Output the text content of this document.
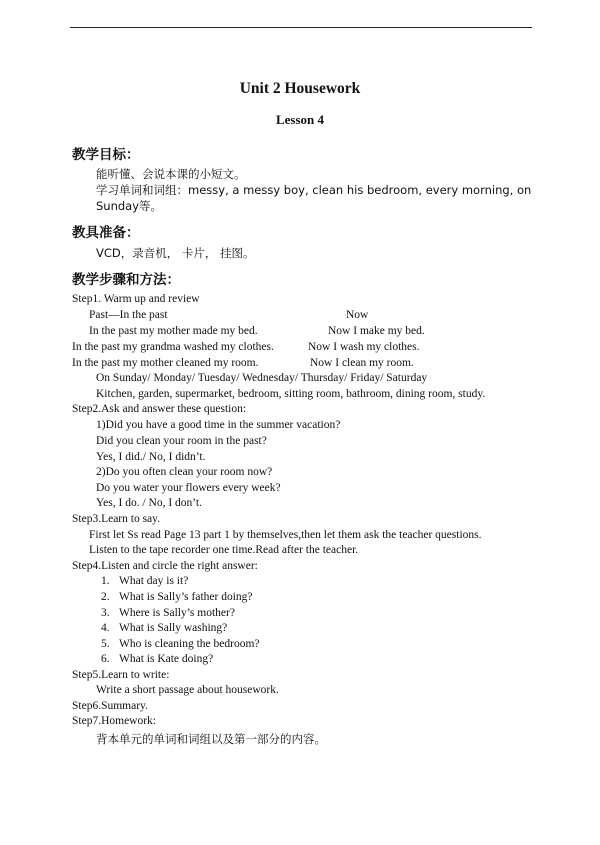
Unit 2 Housework
Lesson 4
教学目标：
能听懂、会说本课的小短文。
学习单词和词组：messy, a messy boy, clean his bedroom, every morning, on Sunday等。
教具准备：
VCD，录音机， 卡片， 挂图。
教学步骤和方法：
Step1. Warm up and review
Past—In the past	Now
In the past my mother made my bed.	Now I make my bed.
In the past my grandma washed my clothes.	Now I wash my clothes.
In the past my mother cleaned my room.	Now I clean my room.
On Sunday/ Monday/ Tuesday/ Wednesday/ Thursday/ Friday/ Saturday
Kitchen, garden, supermarket, bedroom, sitting room, bathroom, dining room, study.
Step2.Ask and answer these question:
1)Did you have a good time in the summer vacation?
Did you clean your room in the past?
Yes, I did./ No, I didn’t.
2)Do you often clean your room now?
Do you water your flowers every week?
Yes, I do. / No, I don’t.
Step3.Learn to say.
First let Ss read Page 13 part 1 by themselves,then let them ask the teacher questions.
Listen to the tape recorder one time.Read after the teacher.
Step4.Listen and circle the right answer:
1. What day is it?
2. What is Sally’s father doing?
3. Where is Sally’s mother?
4. What is Sally washing?
5. Who is cleaning the bedroom?
6. What is Kate doing?
Step5.Learn to write:
Write a short passage about housework.
Step6.Summary.
Step7.Homework:
背本单元的单词和词组以及第一部分的内容。
